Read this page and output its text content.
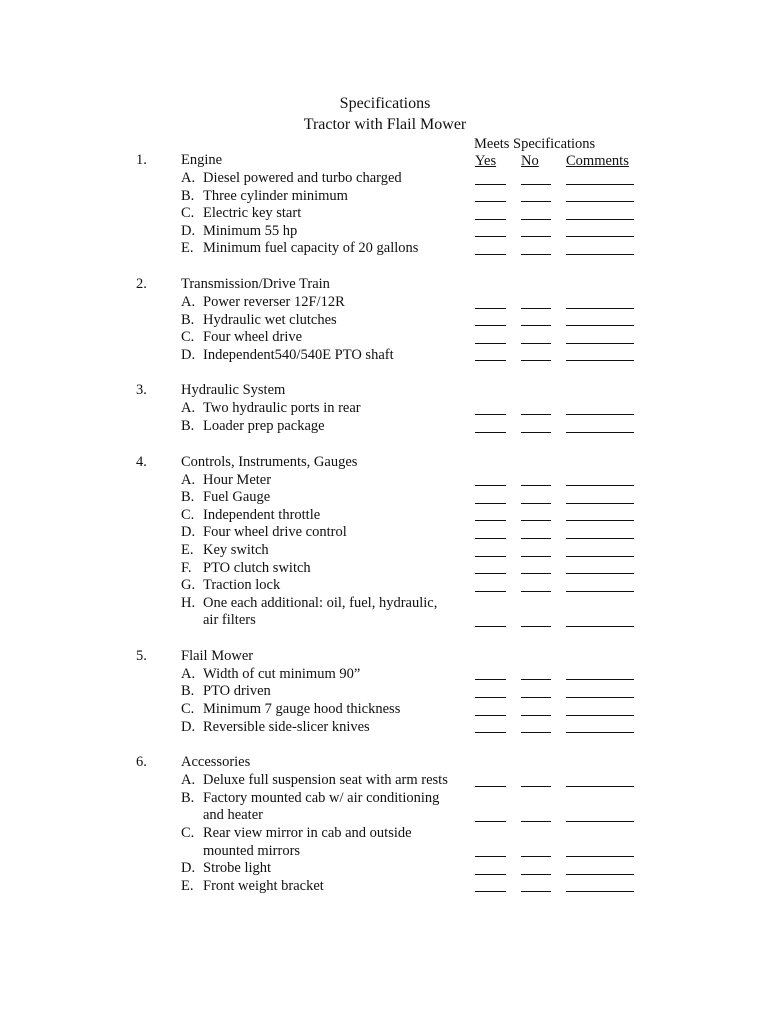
Specifications
Tractor with Flail Mower
Meets Specifications
Yes No Comments
1.	Engine
A. Diesel powered and turbo charged
B. Three cylinder minimum
C. Electric key start
D. Minimum 55 hp
E. Minimum fuel capacity of 20 gallons
2.	Transmission/Drive Train
A. Power reverser 12F/12R
B. Hydraulic wet clutches
C. Four wheel drive
D. Independent540/540E PTO shaft
3.	Hydraulic System
A. Two hydraulic ports in rear
B. Loader prep package
4.	Controls, Instruments, Gauges
A. Hour Meter
B. Fuel Gauge
C. Independent throttle
D. Four wheel drive control
E. Key switch
F. PTO clutch switch
G. Traction lock
H. One each additional: oil, fuel, hydraulic,
air filters
5.	Flail Mower
A. Width of cut minimum 90”
B. PTO driven
C. Minimum 7 gauge hood thickness
D. Reversible side-slicer knives
6.	Accessories
A. Deluxe full suspension seat with arm rests
B. Factory mounted cab w/ air conditioning
and heater
C. Rear view mirror in cab and outside
mounted mirrors
D. Strobe light
E. Front weight bracket
